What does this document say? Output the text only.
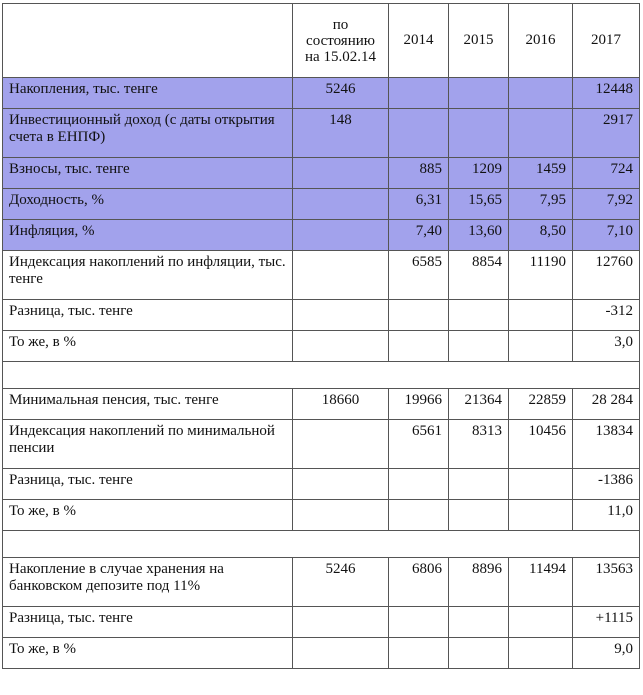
	по
состоянию
на 15.02.14	2014	2015	2016	2017
Накопления, тыс. тенге	5246				12448
Инвестиционный доход (с даты открытия счета в ЕНПФ)	148				2917
Взносы, тыс. тенге		885	1209	1459	724
Доходность, %		6,31	15,65	7,95	7,92
Инфляция, %		7,40	13,60	8,50	7,10
Индексация накоплений по инфляции, тыс. тенге		6585	8854	11190	12760
Разница, тыс. тенге					-312
То же, в %					3,0

Минимальная пенсия, тыс. тенге	18660	19966	21364	22859	28 284
Индексация накоплений по минимальной пенсии		6561	8313	10456	13834
Разница, тыс. тенге					-1386
То же, в %					11,0

Накопление в случае хранения на банковском депозите под 11%	5246	6806	8896	11494	13563
Разница, тыс. тенге					+1115
То же, в %					9,0
